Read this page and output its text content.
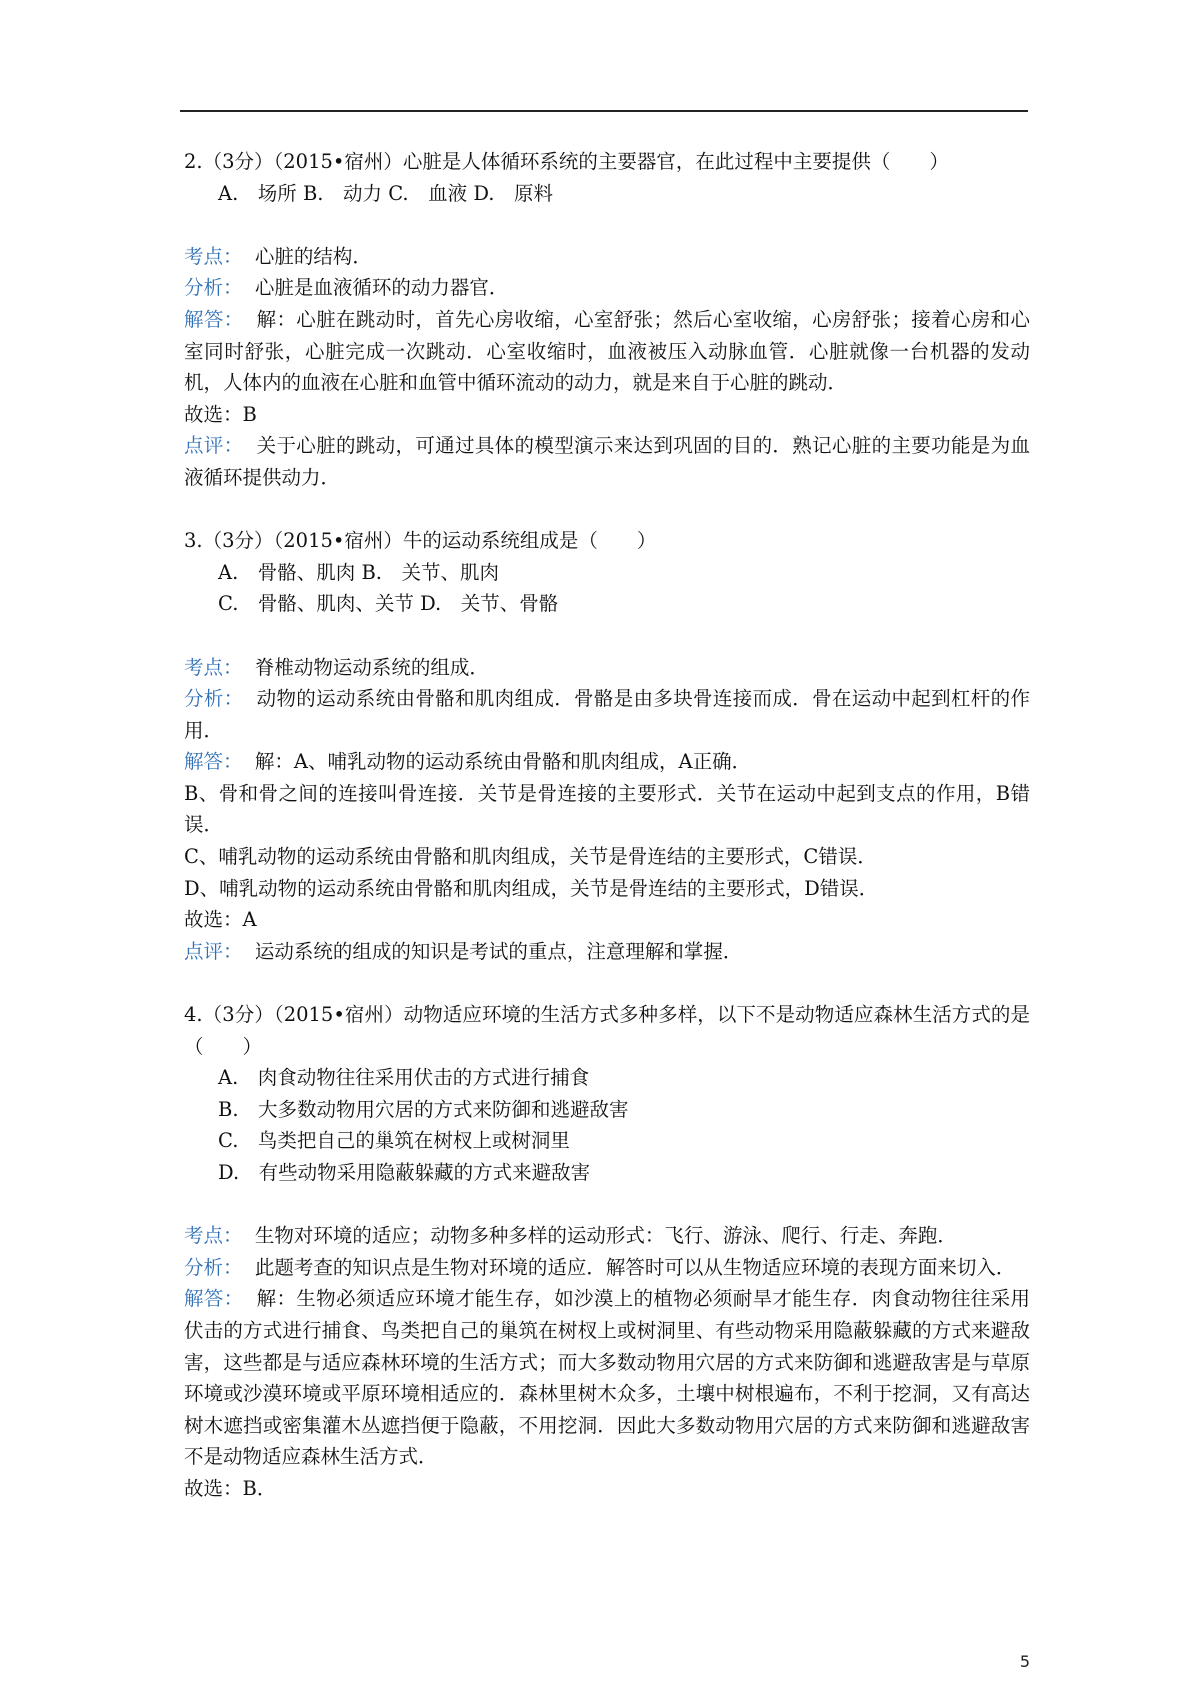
2.（3分）（2015•宿州）心脏是人体循环系统的主要器官，在此过程中主要提供（　　）
A.　场所 B.　动力 C.　血液 D.　原料
考点： 心脏的结构．
分析： 心脏是血液循环的动力器官．
解答： 解：心脏在跳动时，首先心房收缩，心室舒张；然后心室收缩，心房舒张；接着心房和心室同时舒张，心脏完成一次跳动．心室收缩时，血液被压入动脉血管．心脏就像一台机器的发动机，人体内的血液在心脏和血管中循环流动的动力，就是来自于心脏的跳动．
故选：B
点评： 关于心脏的跳动，可通过具体的模型演示来达到巩固的目的．熟记心脏的主要功能是为血液循环提供动力．
3.（3分）（2015•宿州）牛的运动系统组成是（　　）
A.　骨骼、肌肉 B.　关节、肌肉
C.　骨骼、肌肉、关节 D.　关节、骨骼
考点： 脊椎动物运动系统的组成．
分析： 动物的运动系统由骨骼和肌肉组成．骨骼是由多块骨连接而成．骨在运动中起到杠杆的作用．
解答： 解：A、哺乳动物的运动系统由骨骼和肌肉组成，A正确．
B、骨和骨之间的连接叫骨连接．关节是骨连接的主要形式．关节在运动中起到支点的作用，B错误．
C、哺乳动物的运动系统由骨骼和肌肉组成，关节是骨连结的主要形式，C错误．
D、哺乳动物的运动系统由骨骼和肌肉组成，关节是骨连结的主要形式，D错误．
故选：A
点评： 运动系统的组成的知识是考试的重点，注意理解和掌握．
4.（3分）（2015•宿州）动物适应环境的生活方式多种多样，以下不是动物适应森林生活方式的是（　　）
A.　肉食动物往往采用伏击的方式进行捕食
B.　大多数动物用穴居的方式来防御和逃避敌害
C.　鸟类把自己的巢筑在树杈上或树洞里
D.　有些动物采用隐蔽躲藏的方式来避敌害
考点： 生物对环境的适应；动物多种多样的运动形式：飞行、游泳、爬行、行走、奔跑．
分析： 此题考查的知识点是生物对环境的适应．解答时可以从生物适应环境的表现方面来切入．
解答： 解：生物必须适应环境才能生存，如沙漠上的植物必须耐旱才能生存．肉食动物往往采用伏击的方式进行捕食、鸟类把自己的巢筑在树杈上或树洞里、有些动物采用隐蔽躲藏的方式来避敌害，这些都是与适应森林环境的生活方式；而大多数动物用穴居的方式来防御和逃避敌害是与草原环境或沙漠环境或平原环境相适应的．森林里树木众多，土壤中树根遍布，不利于挖洞，又有高达树木遮挡或密集灌木丛遮挡便于隐蔽，不用挖洞．因此大多数动物用穴居的方式来防御和逃避敌害不是动物适应森林生活方式．
故选：B．
5
